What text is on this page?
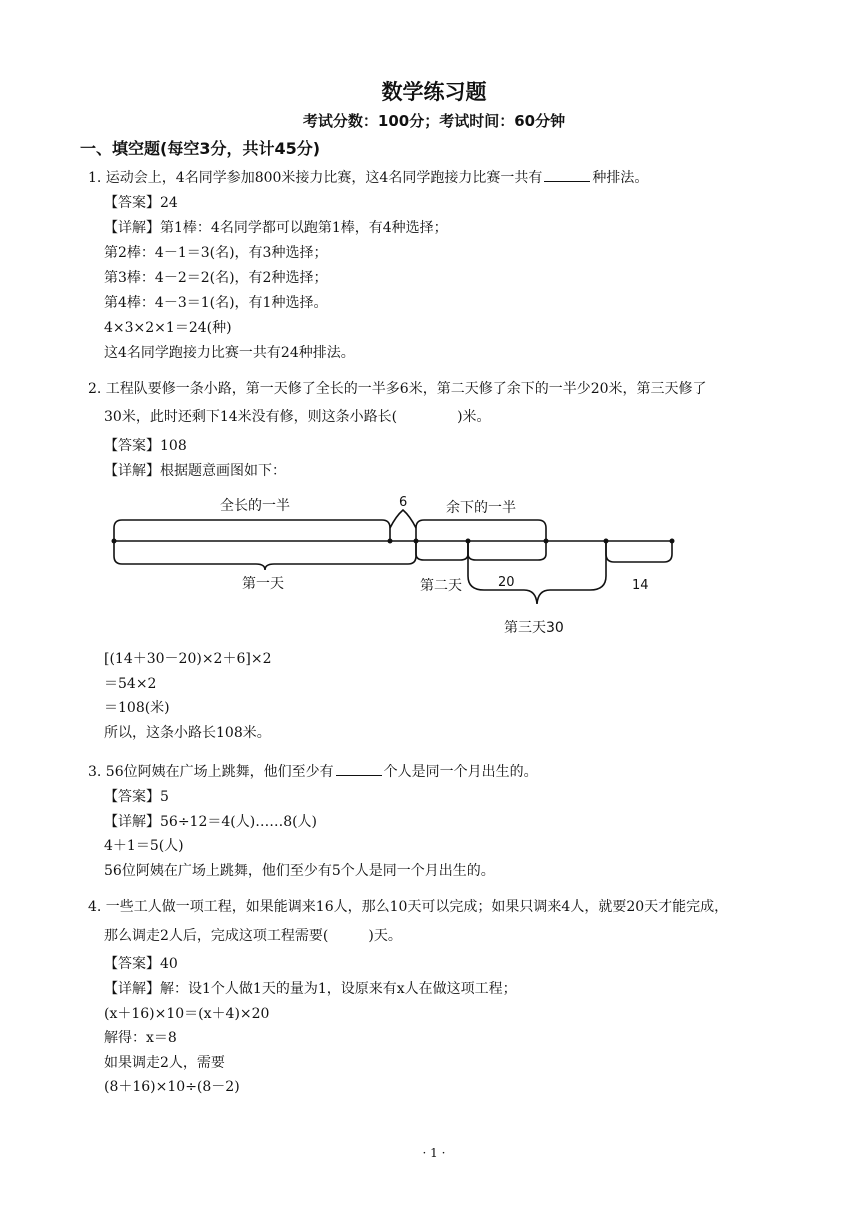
数学练习题
考试分数：100分；考试时间：60分钟
一、填空题(每空3分，共计45分)
1. 运动会上，4名同学参加800米接力比赛，这4名同学跑接力比赛一共有	种排法。
【答案】24
【详解】第1棒：4名同学都可以跑第1棒，有4种选择；
第2棒：4－1＝3(名)，有3种选择；
第3棒：4－2＝2(名)，有2种选择；
第4棒：4－3＝1(名)，有1种选择。
4×3×2×1＝24(种)
这4名同学跑接力比赛一共有24种排法。
2. 工程队要修一条小路，第一天修了全长的一半多6米，第二天修了余下的一半少20米，第三天修了
30米，此时还剩下14米没有修，则这条小路长(	)米。
【答案】108
【详解】根据题意画图如下：
全长的一半	6	余下的一半
第一天	第二天	20	14
第三天30
[(14＋30－20)×2＋6]×2
＝54×2
＝108(米)
所以，这条小路长108米。
3. 56位阿姨在广场上跳舞，他们至少有	个人是同一个月出生的。
【答案】5
【详解】56÷12＝4(人)……8(人)
4＋1＝5(人)
56位阿姨在广场上跳舞，他们至少有5个人是同一个月出生的。
4. 一些工人做一项工程，如果能调来16人，那么10天可以完成；如果只调来4人，就要20天才能完成，
那么调走2人后，完成这项工程需要(	)天。
【答案】40
【详解】解：设1个人做1天的量为1，设原来有x人在做这项工程；
(x＋16)×10＝(x＋4)×20
解得：x＝8
如果调走2人，需要
(8＋16)×10÷(8－2)
· 1 ·
